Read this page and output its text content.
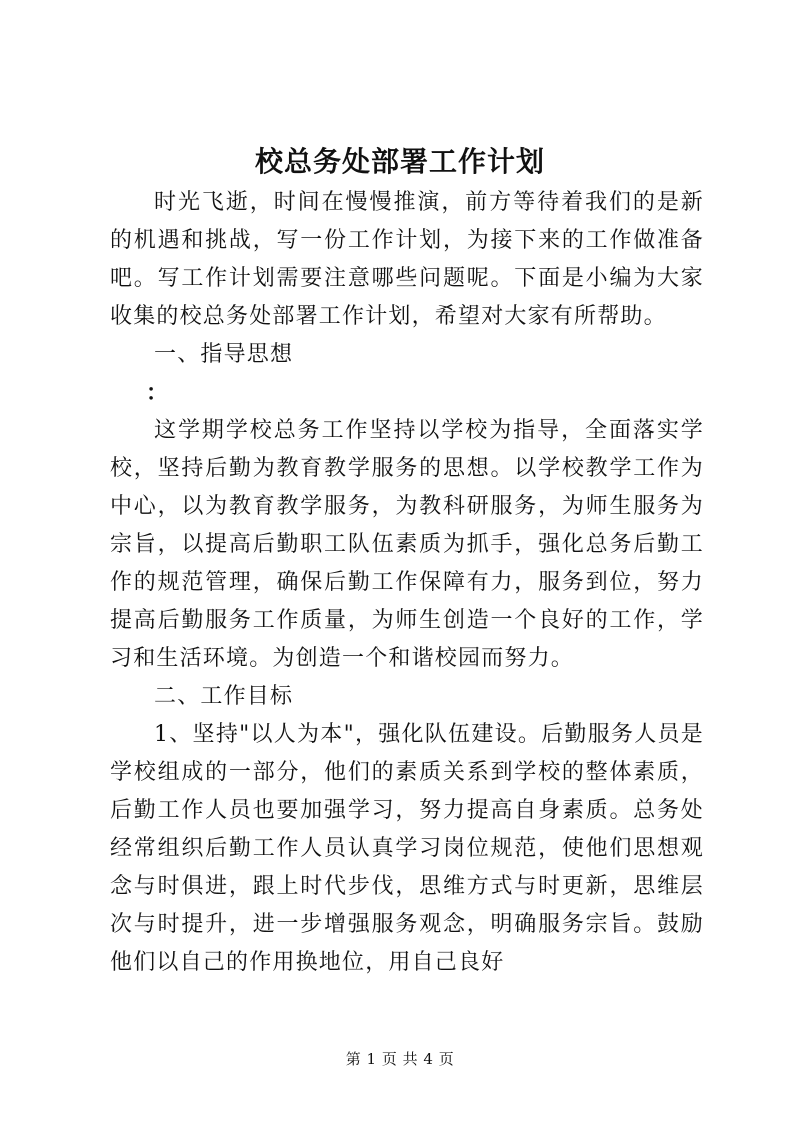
校总务处部署工作计划

时光飞逝，时间在慢慢推演，前方等待着我们的是新的机遇和挑战，写一份工作计划，为接下来的工作做准备吧。写工作计划需要注意哪些问题呢。下面是小编为大家收集的校总务处部署工作计划，希望对大家有所帮助。

一、指导思想

：

这学期学校总务工作坚持以学校为指导，全面落实学校，坚持后勤为教育教学服务的思想。以学校教学工作为中心，以为教育教学服务，为教科研服务，为师生服务为宗旨，以提高后勤职工队伍素质为抓手，强化总务后勤工作的规范管理，确保后勤工作保障有力，服务到位，努力提高后勤服务工作质量，为师生创造一个良好的工作，学习和生活环境。为创造一个和谐校园而努力。

二、工作目标

1、坚持"以人为本"，强化队伍建设。后勤服务人员是学校组成的一部分，他们的素质关系到学校的整体素质，后勤工作人员也要加强学习，努力提高自身素质。总务处经常组织后勤工作人员认真学习岗位规范，使他们思想观念与时俱进，跟上时代步伐，思维方式与时更新，思维层次与时提升，进一步增强服务观念，明确服务宗旨。鼓励他们以自己的作用换地位，用自己良好

第 1 页 共 4 页
